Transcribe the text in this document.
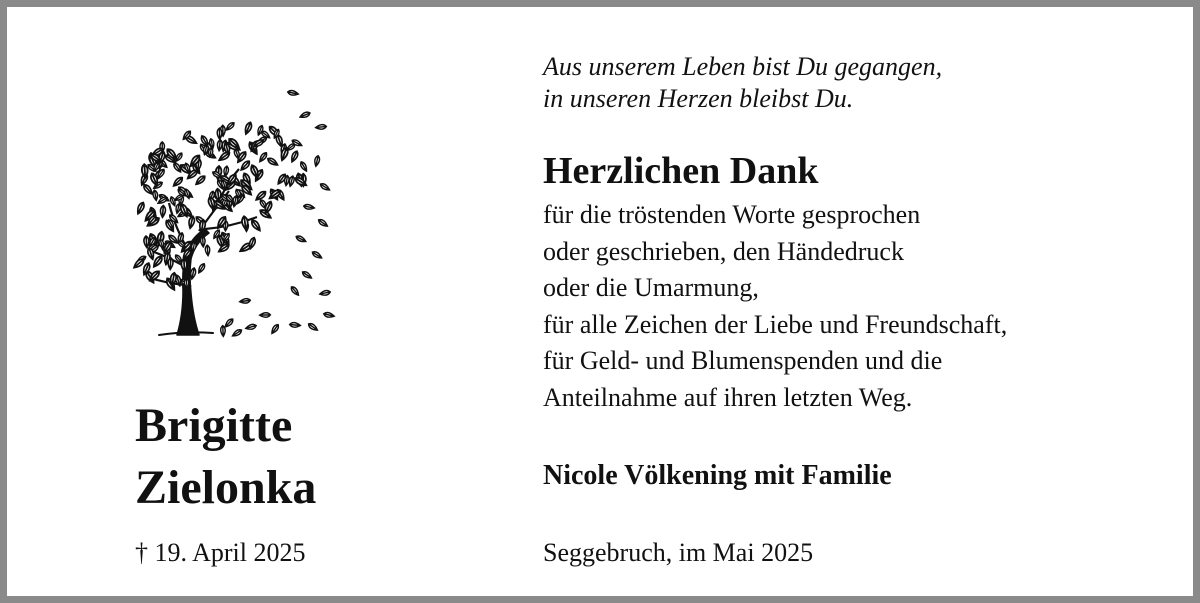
Brigitte
Zielonka
† 19. April 2025
Aus unserem Leben bist Du gegangen,
in unseren Herzen bleibst Du.
Herzlichen Dank
für die tröstenden Worte gesprochen
oder geschrieben, den Händedruck
oder die Umarmung,
für alle Zeichen der Liebe und Freundschaft,
für Geld- und Blumenspenden und die
Anteilnahme auf ihren letzten Weg.
Nicole Völkening mit Familie
Seggebruch, im Mai 2025
